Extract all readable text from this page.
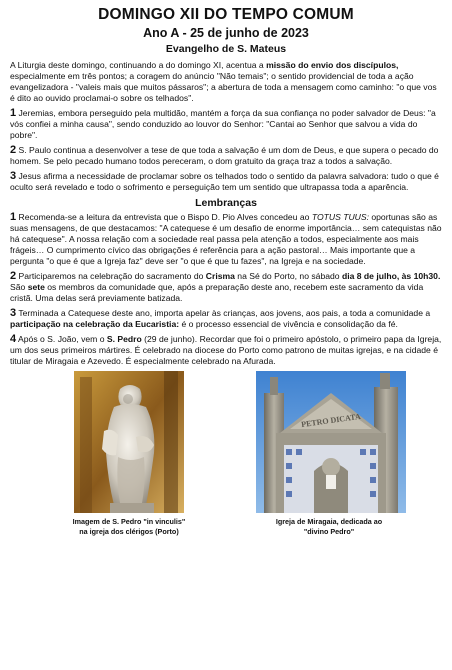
DOMINGO XII DO TEMPO COMUM
Ano A - 25 de junho de 2023
Evangelho de S. Mateus

A Liturgia deste domingo, continuando a do domingo XI, acentua a missão do envio dos discípulos, especialmente em três pontos; a coragem do anúncio "Não temais"; o sentido providencial de toda a ação evangelizadora - "valeis mais que muitos pássaros"; a abertura de toda a mensagem como caminho: "o que vos é dito ao ouvido proclamai-o sobre os telhados".

1 Jeremias, embora perseguido pela multidão, mantém a força da sua confiança no poder salvador de Deus: "a vós confiei a minha causa", sendo conduzido ao louvor do Senhor: "Cantai ao Senhor que salvou a vida do pobre".

2 S. Paulo continua a desenvolver a tese de que toda a salvação é um dom de Deus, e que supera o pecado do homem. Se pelo pecado humano todos pereceram, o dom gratuito da graça traz a todos a salvação.

3 Jesus afirma a necessidade de proclamar sobre os telhados todo o sentido da palavra salvadora: tudo o que é oculto será revelado e todo o sofrimento e perseguição tem um sentido que ultrapassa toda a aparência.

Lembranças

1 Recomenda-se a leitura da entrevista que o Bispo D. Pio Alves concedeu ao TOTUS TUUS: oportunas são as suas mensagens, de que destacamos: "A catequese é um desafio de enorme importância… sem catequistas não há catequese". A nossa relação com a sociedade real passa pela atenção a todos, especialmente aos mais frágeis… O cumprimento cívico das obrigações é referência para a ação pastoral… Mais importante que a pergunta "o que é que a Igreja faz" deve ser "o que é que tu fazes", na Igreja e na sociedade.

2 Participaremos na celebração do sacramento do Crisma na Sé do Porto, no sábado dia 8 de julho, às 10h30. São sete os membros da comunidade que, após a preparação deste ano, recebem este sacramento da vida cristã. Uma delas será previamente batizada.

3 Terminada a Catequese deste ano, importa apelar às crianças, aos jovens, aos pais, a toda a comunidade a participação na celebração da Eucaristia: é o processo essencial de vivência e consolidação da fé.

4 Após o S. João, vem o S. Pedro (29 de junho). Recordar que foi o primeiro apóstolo, o primeiro papa da Igreja, um dos seus primeiros mártires. É celebrado na diocese do Porto como patrono de muitas igrejas, e na cidade é titular de Miragaia e Azevedo. É especialmente celebrado na Afurada.

Imagem de S. Pedro "in vinculis"
na igreja dos clérigos (Porto)
PETRO DICATA
Igreja de Miragaia, dedicada ao
"divino Pedro"
